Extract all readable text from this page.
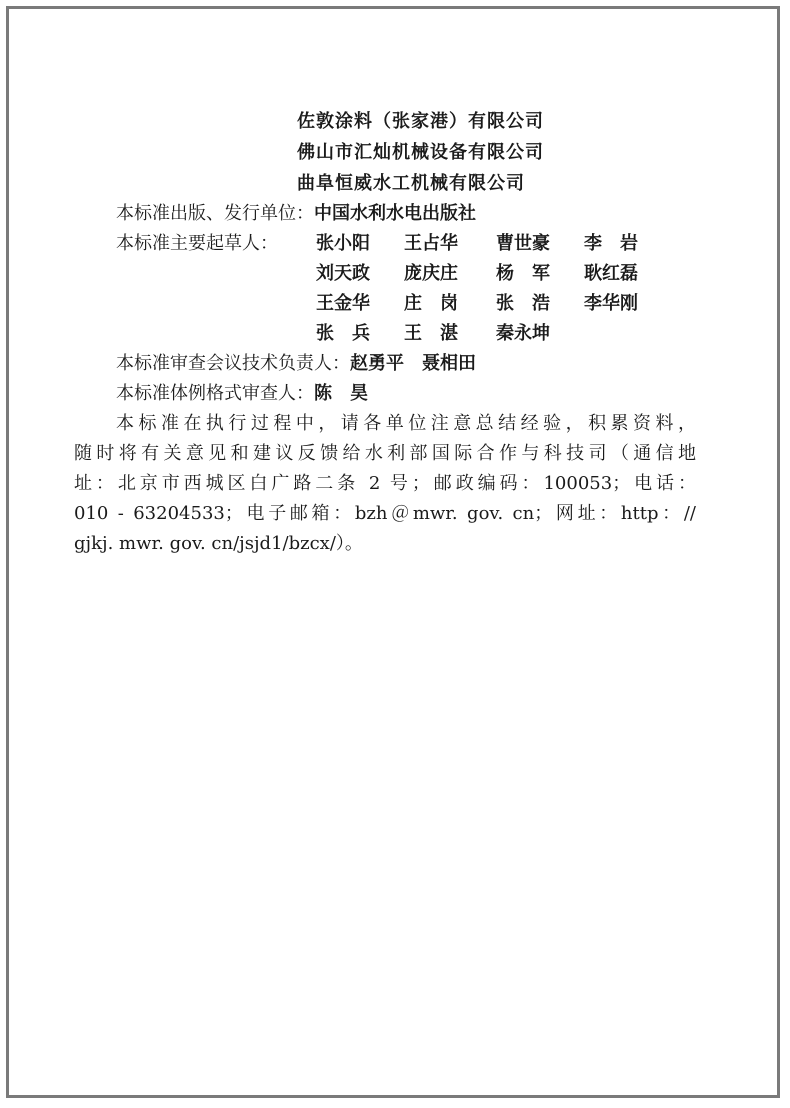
佐敦涂料（张家港）有限公司
佛山市汇灿机械设备有限公司
曲阜恒威水工机械有限公司
本标准出版、发行单位：中国水利水电出版社
本标准主要起草人： 张小阳 王占华 曹世豪 李　岩
刘天政 庞庆庄 杨　军 耿红磊
王金华 庄　岗 张　浩 李华刚
张　兵 王　湛 秦永坤
本标准审查会议技术负责人：赵勇平　聂相田
本标准体例格式审查人：陈　昊
本标准在执行过程中，请各单位注意总结经验，积累资料，
随时将有关意见和建议反馈给水利部国际合作与科技司（通信地
址：北京市西城区白广路二条 2 号；邮政编码：100053；电话：
010 - 63204533；电子邮箱：bzh＠mwr. gov. cn；网址：http：//
gjkj. mwr. gov. cn/jsjd1/bzcx/）。
